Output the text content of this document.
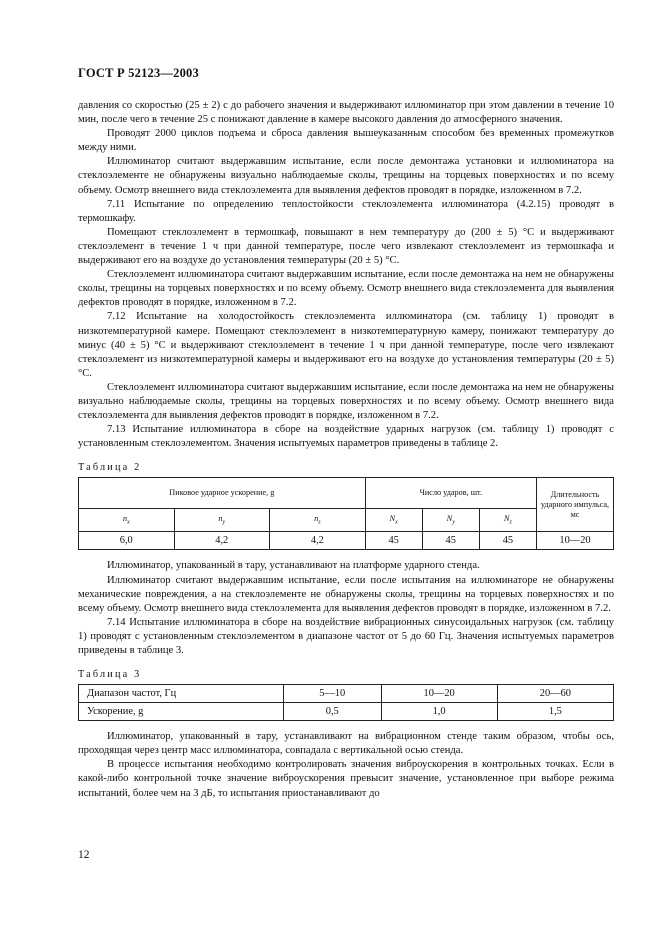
ГОСТ Р 52123—2003

давления со скоростью (25 ± 2) с до рабочего значения и выдерживают иллюминатор при этом давлении в течение 10 мин, после чего в течение 25 с понижают давление в камере высокого давления до атмосферного значения.

Проводят 2000 циклов подъема и сброса давления вышеуказанным способом без временных промежутков между ними.

Иллюминатор считают выдержавшим испытание, если после демонтажа установки и иллюминатора на стеклоэлементе не обнаружены визуально наблюдаемые сколы, трещины на торцевых поверхностях и по всему объему. Осмотр внешнего вида стеклоэлемента для выявления дефектов проводят в порядке, изложенном в 7.2.

7.11 Испытание по определению теплостойкости стеклоэлемента иллюминатора (4.2.15) проводят в термошкафу.

Помещают стеклоэлемент в термошкаф, повышают в нем температуру до (200 ± 5) °С и выдерживают стеклоэлемент в течение 1 ч при данной температуре, после чего извлекают стеклоэлемент из термошкафа и выдерживают его на воздухе до установления температуры (20 ± 5) °С.

Стеклоэлемент иллюминатора считают выдержавшим испытание, если после демонтажа на нем не обнаружены сколы, трещины на торцевых поверхностях и по всему объему. Осмотр внешнего вида стеклоэлемента для выявления дефектов проводят в порядке, изложенном в 7.2.

7.12 Испытание на холодостойкость стеклоэлемента иллюминатора (см. таблицу 1) проводят в низкотемпературной камере. Помещают стеклоэлемент в низкотемпературную камеру, понижают температуру до минус (40 ± 5) °С и выдерживают стеклоэлемент в течение 1 ч при данной температуре, после чего извлекают стеклоэлемент из низкотемпературной камеры и выдерживают его на воздухе до установления температуры (20 ± 5) °С.

Стеклоэлемент иллюминатора считают выдержавшим испытание, если после демонтажа на нем не обнаружены визуально наблюдаемые сколы, трещины на торцевых поверхностях и по всему объему. Осмотр внешнего вида стеклоэлемента для выявления дефектов проводят в порядке, изложенном в 7.2.

7.13 Испытание иллюминатора в сборе на воздействие ударных нагрузок (см. таблицу 1) проводят с установленным стеклоэлементом. Значения испытуемых параметров приведены в таблице 2.

Таблица 2
Пиковое ударное ускорение, g			Число ударов, шт.			Длительность ударного импульса, мс
$n_x$	$n_y$	$n_z$	$N_x$	$N_y$	$N_z$
6,0	4,2	4,2	45	45	45	10—20

Иллюминатор, упакованный в тару, устанавливают на платформе ударного стенда.

Иллюминатор считают выдержавшим испытание, если после испытания на иллюминаторе не обнаружены механические повреждения, а на стеклоэлементе не обнаружены сколы, трещины на торцевых поверхностях и по всему объему. Осмотр внешнего вида стеклоэлемента для выявления дефектов проводят в порядке, изложенном в 7.2.

7.14 Испытание иллюминатора в сборе на воздействие вибрационных синусоидальных нагрузок (см. таблицу 1) проводят с установленным стеклоэлементом в диапазоне частот от 5 до 60 Гц. Значения испытуемых параметров приведены в таблице 3.

Таблица 3
Диапазон частот, Гц	5—10	10—20	20—60
Ускорение, g	0,5	1,0	1,5

Иллюминатор, упакованный в тару, устанавливают на вибрационном стенде таким образом, чтобы ось, проходящая через центр масс иллюминатора, совпадала с вертикальной осью стенда.

В процессе испытания необходимо контролировать значения виброускорения в контрольных точках. Если в какой-либо контрольной точке значение виброускорения превысит значение, установленное при выборе режима испытаний, более чем на 3 дБ, то испытания приостанавливают до

12
